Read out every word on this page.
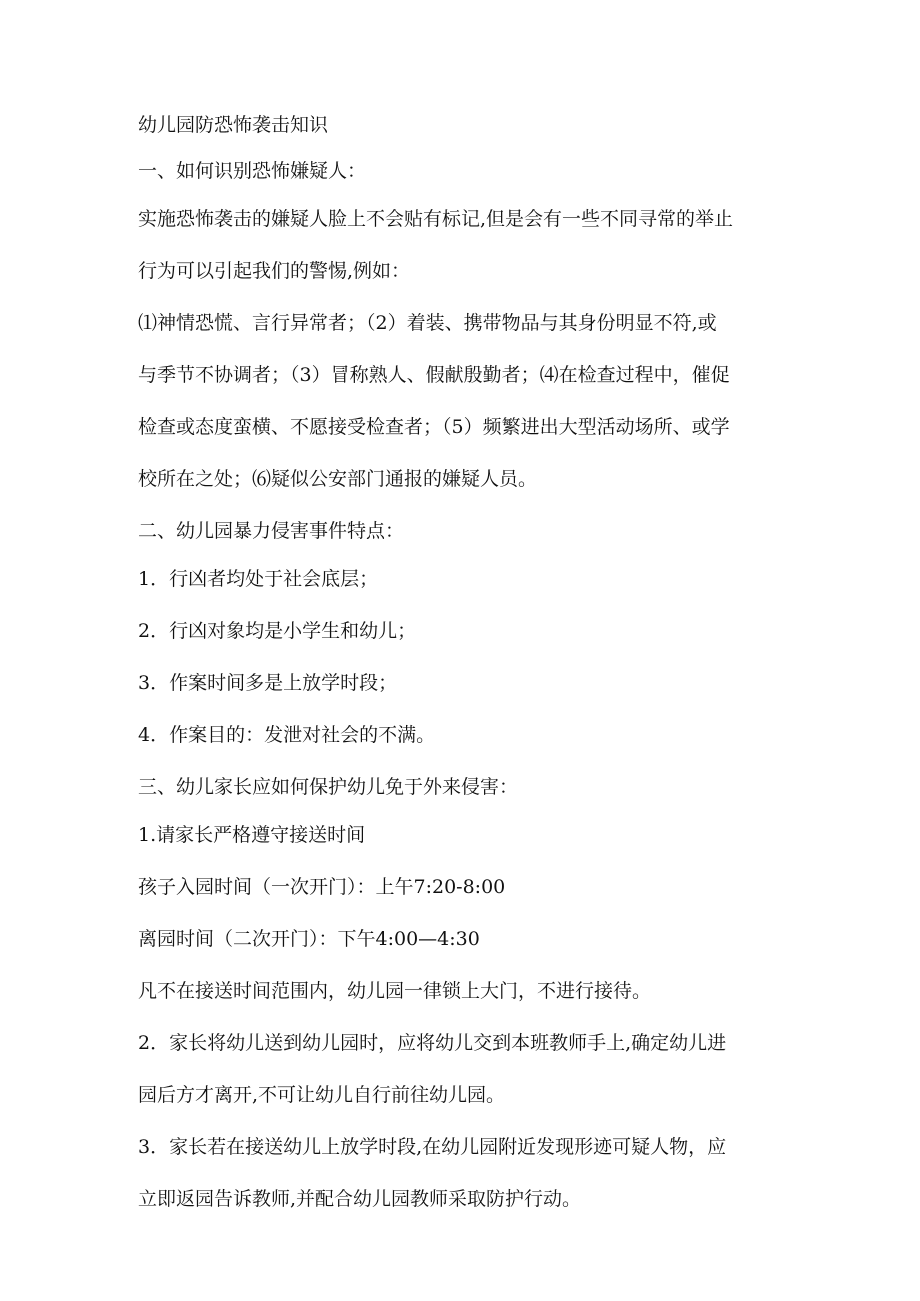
幼儿园防恐怖袭击知识

一、如何识别恐怖嫌疑人：

实施恐怖袭击的嫌疑人脸上不会贴有标记,但是会有一些不同寻常的举止

行为可以引起我们的警惕,例如：

⑴神情恐慌、言行异常者；（2）着装、携带物品与其身份明显不符,或

与季节不协调者；（3）冒称熟人、假献殷勤者；⑷在检查过程中，催促

检查或态度蛮横、不愿接受检查者；（5）频繁进出大型活动场所、或学

校所在之处；⑹疑似公安部门通报的嫌疑人员。

二、幼儿园暴力侵害事件特点：

1．行凶者均处于社会底层；

2．行凶对象均是小学生和幼儿；

3．作案时间多是上放学时段；

4．作案目的：发泄对社会的不满。

三、幼儿家长应如何保护幼儿免于外来侵害：

1.请家长严格遵守接送时间

孩子入园时间（一次开门）：上午7:20-8:00

离园时间（二次开门）：下午4:00—4:30

凡不在接送时间范围内，幼儿园一律锁上大门，不进行接待。

2．家长将幼儿送到幼儿园时，应将幼儿交到本班教师手上,确定幼儿进

园后方才离开,不可让幼儿自行前往幼儿园。

3．家长若在接送幼儿上放学时段,在幼儿园附近发现形迹可疑人物，应

立即返园告诉教师,并配合幼儿园教师采取防护行动。
